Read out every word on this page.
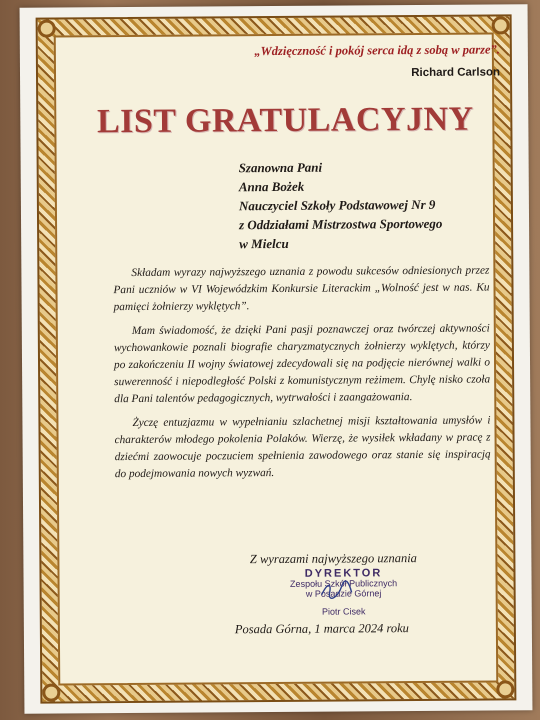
„Wdzięczność i pokój serca idą z sobą w parze”.
Richard Carlson
LIST GRATULACYJNY
Szanowna Pani
Anna Bożek
Nauczyciel Szkoły Podstawowej Nr 9
z Oddziałami Mistrzostwa Sportowego
w Mielcu

Składam wyrazy najwyższego uznania z powodu sukcesów odniesionych przez Pani uczniów w VI Wojewódzkim Konkursie Literackim „Wolność jest w nas. Ku pamięci żołnierzy wyklętych”.

Mam świadomość, że dzięki Pani pasji poznawczej oraz twórczej aktywności wychowankowie poznali biografie charyzmatycznych żołnierzy wyklętych, którzy po zakończeniu II wojny światowej zdecydowali się na podjęcie nierównej walki o suwerenność i niepodległość Polski z komunistycznym reżimem. Chylę nisko czoła dla Pani talentów pedagogicznych, wytrwałości i zaangażowania.

Życzę entuzjazmu w wypełnianiu szlachetnej misji kształtowania umysłów i charakterów młodego pokolenia Polaków. Wierzę, że wysiłek wkładany w pracę z dziećmi zaowocuje poczuciem spełnienia zawodowego oraz stanie się inspiracją do podejmowania nowych wyzwań.

Z wyrazami najwyższego uznania
DYREKTOR
Zespołu Szkół Publicznych
w Posadzie Górnej
Piotr Cisek
Posada Górna, 1 marca 2024 roku
